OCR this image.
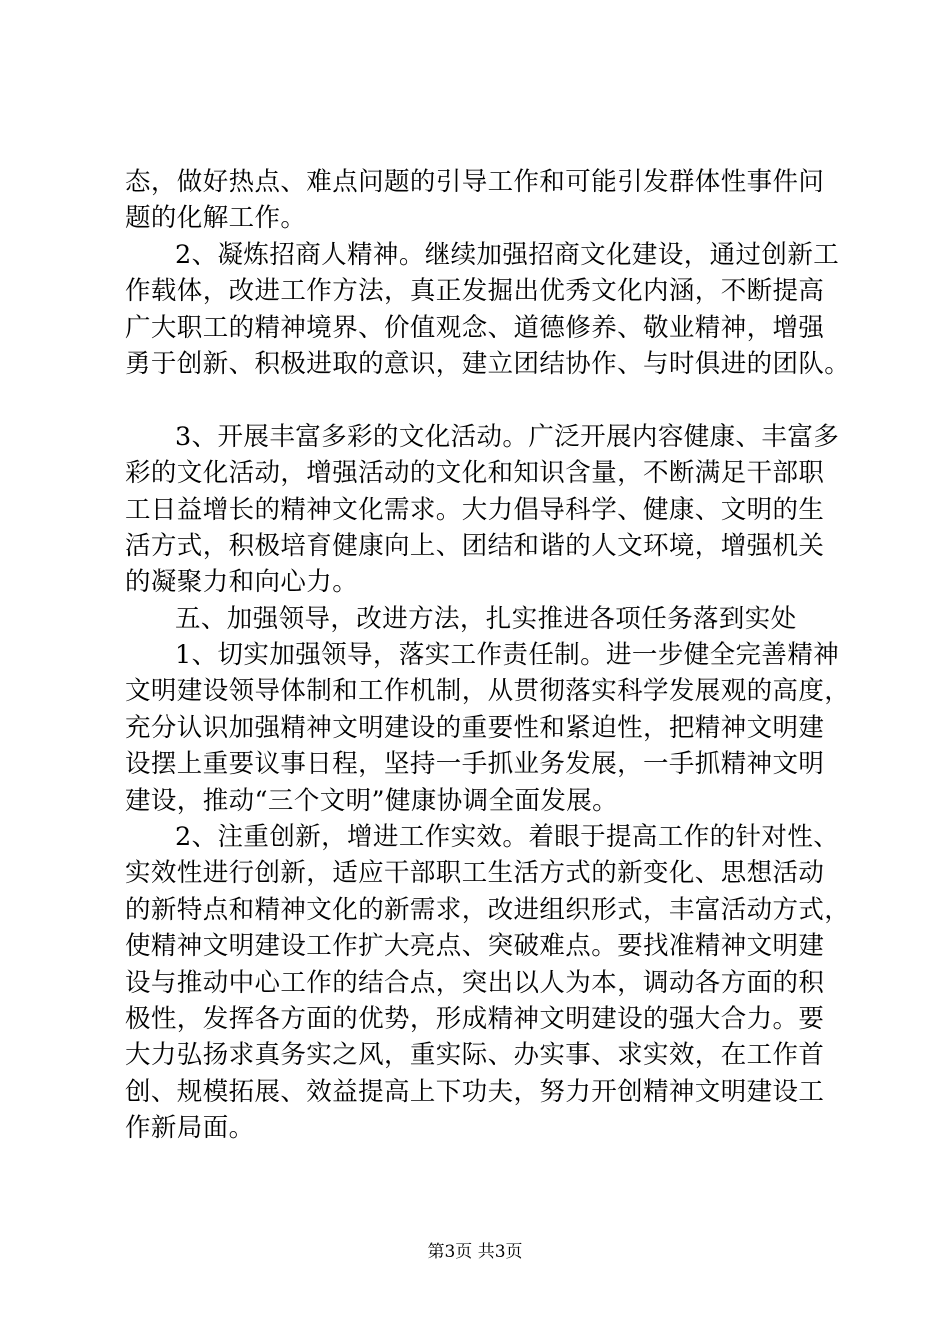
态，做好热点、难点问题的引导工作和可能引发群体性事件问
题的化解工作。
2、凝炼招商人精神。继续加强招商文化建设，通过创新工
作载体，改进工作方法，真正发掘出优秀文化内涵，不断提高
广大职工的精神境界、价值观念、道德修养、敬业精神，增强
勇于创新、积极进取的意识，建立团结协作、与时俱进的团队。
3、开展丰富多彩的文化活动。广泛开展内容健康、丰富多
彩的文化活动，增强活动的文化和知识含量，不断满足干部职
工日益增长的精神文化需求。大力倡导科学、健康、文明的生
活方式，积极培育健康向上、团结和谐的人文环境，增强机关
的凝聚力和向心力。
五、加强领导，改进方法，扎实推进各项任务落到实处
1、切实加强领导，落实工作责任制。进一步健全完善精神
文明建设领导体制和工作机制，从贯彻落实科学发展观的高度，
充分认识加强精神文明建设的重要性和紧迫性，把精神文明建
设摆上重要议事日程，坚持一手抓业务发展，一手抓精神文明
建设，推动“三个文明”健康协调全面发展。
2、注重创新，增进工作实效。着眼于提高工作的针对性、
实效性进行创新，适应干部职工生活方式的新变化、思想活动
的新特点和精神文化的新需求，改进组织形式，丰富活动方式，
使精神文明建设工作扩大亮点、突破难点。要找准精神文明建
设与推动中心工作的结合点，突出以人为本，调动各方面的积
极性，发挥各方面的优势，形成精神文明建设的强大合力。要
大力弘扬求真务实之风，重实际、办实事、求实效，在工作首
创、规模拓展、效益提高上下功夫，努力开创精神文明建设工
作新局面。
第3页 共3页
